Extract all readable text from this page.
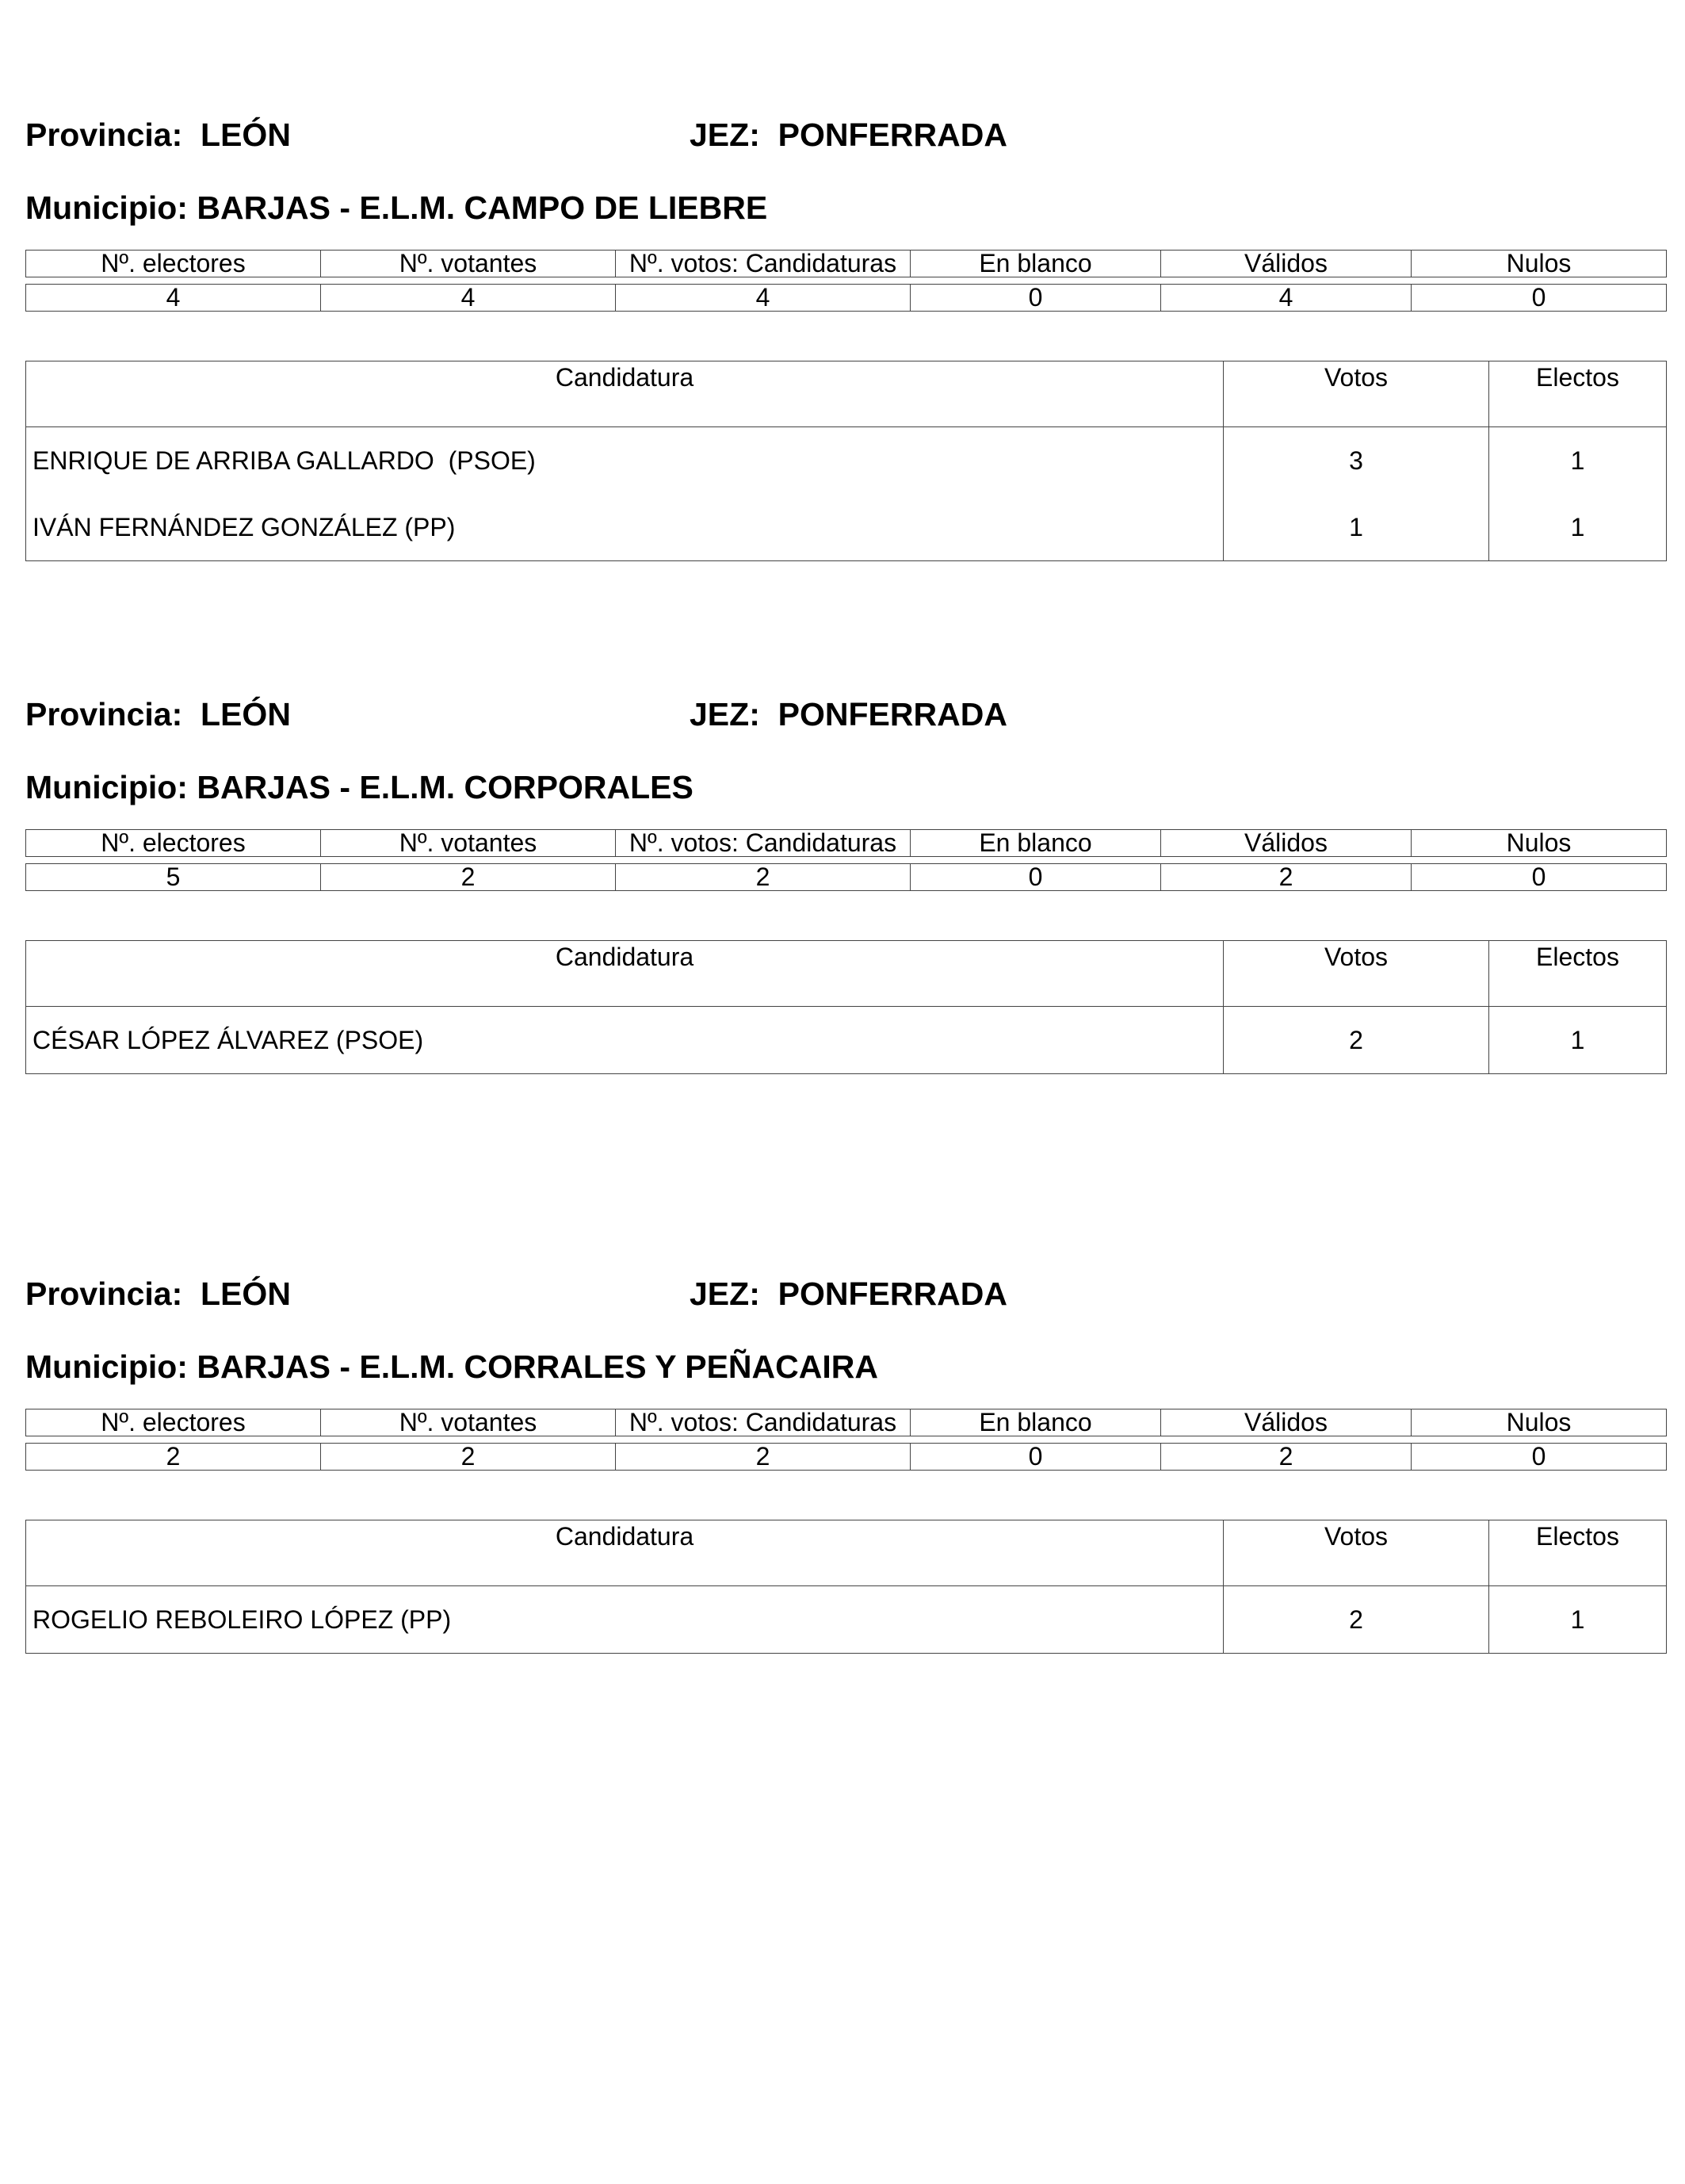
Provincia: LEÓN	JEZ: PONFERRADA
Municipio: BARJAS - E.L.M. CAMPO DE LIEBRE
Nº. electores	Nº. votantes	Nº. votos: Candidaturas	En blanco	Válidos	Nulos

4	4	4	0	4	0
Candidatura	Votos	Electos
ENRIQUE DE ARRIBA GALLARDO  (PSOE)	3	1
IVÁN FERNÁNDEZ GONZÁLEZ (PP)	1	1
Provincia: LEÓN	JEZ: PONFERRADA
Municipio: BARJAS - E.L.M. CORPORALES
Nº. electores	Nº. votantes	Nº. votos: Candidaturas	En blanco	Válidos	Nulos

5	2	2	0	2	0
Candidatura	Votos	Electos
CÉSAR LÓPEZ ÁLVAREZ (PSOE)	2	1
Provincia: LEÓN	JEZ: PONFERRADA
Municipio: BARJAS - E.L.M. CORRALES Y PEÑACAIRA
Nº. electores	Nº. votantes	Nº. votos: Candidaturas	En blanco	Válidos	Nulos

2	2	2	0	2	0
Candidatura	Votos	Electos
ROGELIO REBOLEIRO LÓPEZ (PP)	2	1
